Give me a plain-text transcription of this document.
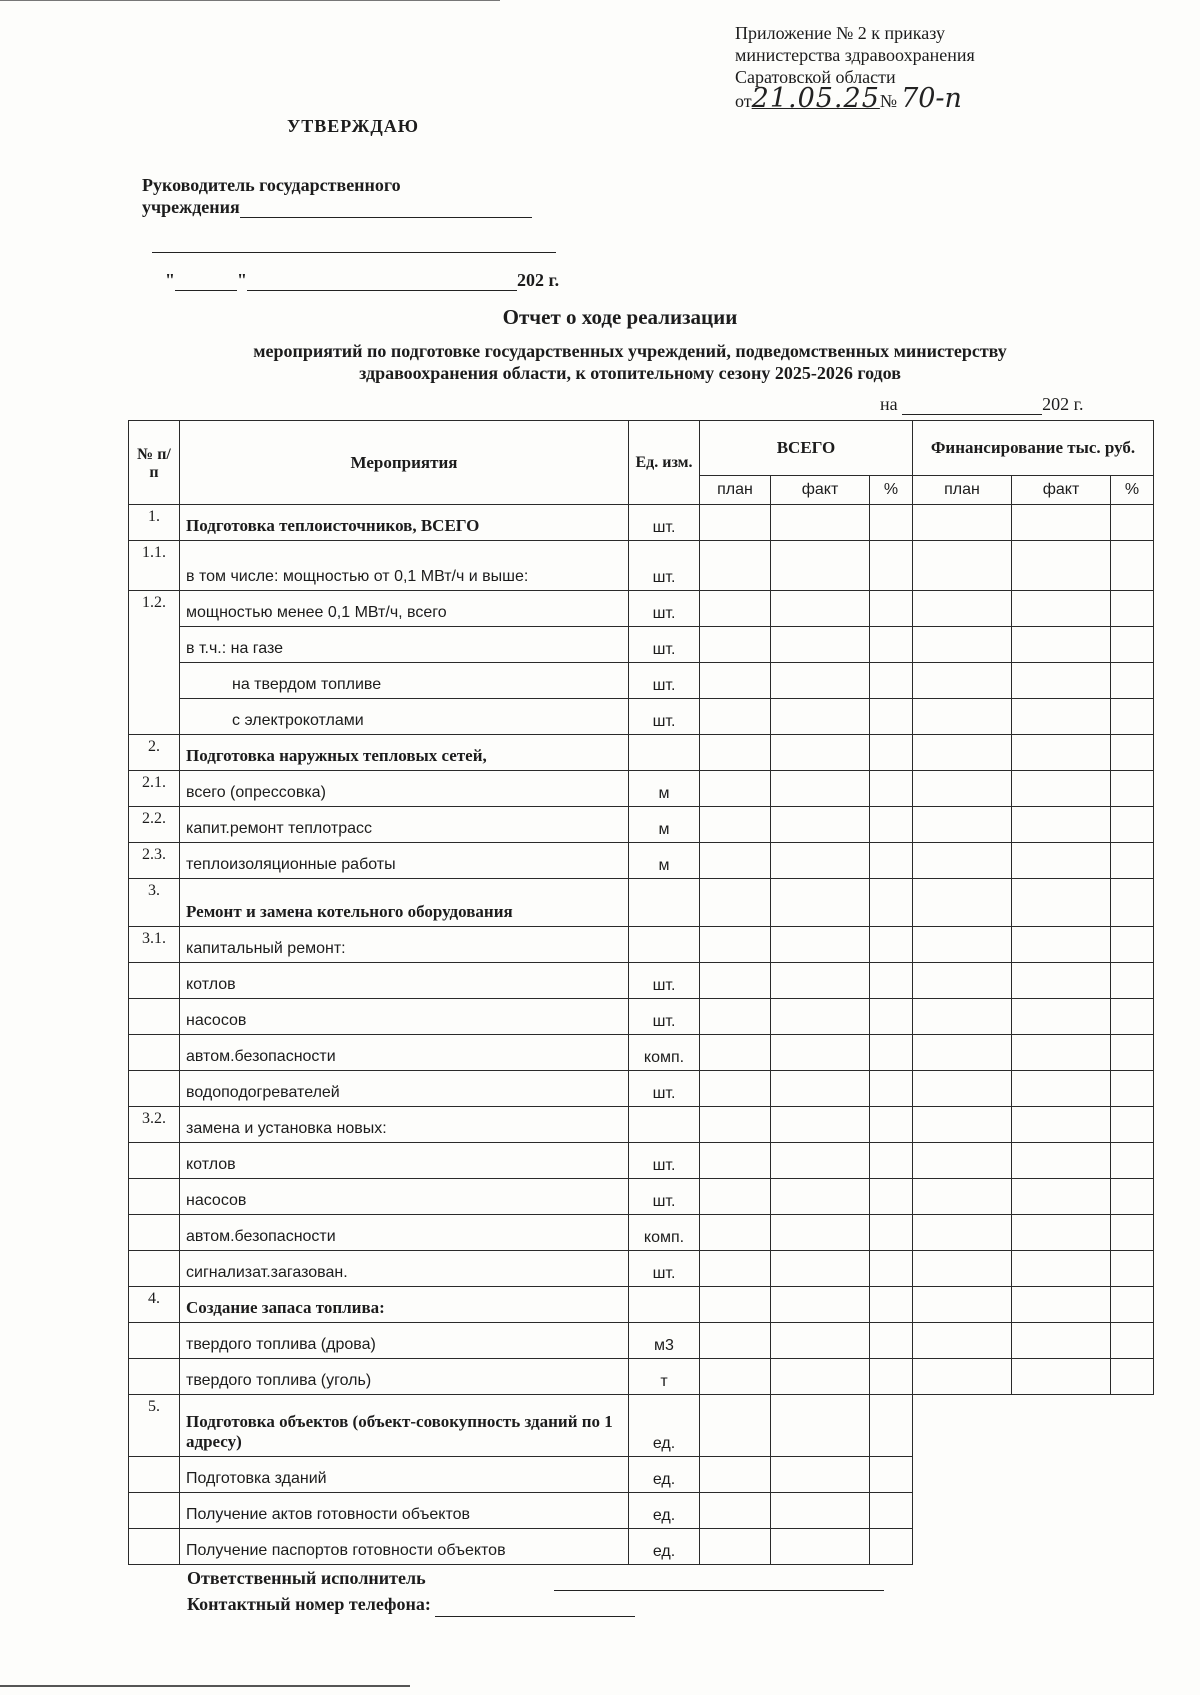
Приложение № 2 к приказу
министерства здравоохранения
Саратовской области
от21.05.25№ 70-п
УТВЕРЖДАЮ
Руководитель государственного
учреждения
"	"	202 г.
Отчет о ходе реализации
мероприятий по подготовке государственных учреждений, подведомственных министерству
здравоохранения области, к отопительному сезону 2025-2026 годов
на	202 г.
№ п/п	Мероприятия	Ед. изм.	ВСЕГО			Финансирование тыс. руб.		
			план	факт	%	план	факт	%
1.	Подготовка теплоисточников, ВСЕГО	шт.						
1.1.	в том числе: мощностью от 0,1 МВт/ч и выше:	шт.						
1.2.	мощностью менее 0,1 МВт/ч, всего	шт.						
	в т.ч.: на газе	шт.						
	на твердом топливе	шт.						
	с электрокотлами	шт.						
2.	Подготовка наружных тепловых сетей,							
2.1.	всего (опрессовка)	м						
2.2.	капит.ремонт теплотрасс	м						
2.3.	теплоизоляционные работы	м						
3.	Ремонт и замена котельного оборудования							
3.1.	капитальный ремонт:							
	котлов	шт.						
	насосов	шт.						
	автом.безопасности	комп.						
	водоподогревателей	шт.						
3.2.	замена и установка новых:							
	котлов	шт.						
	насосов	шт.						
	автом.безопасности	комп.						
	сигнализат.загазован.	шт.						
4.	Создание запаса топлива:							
	твердого топлива (дрова)	м3						
	твердого топлива (уголь)	т						
5.	Подготовка объектов (объект-совокупность зданий по 1 адресу)	ед.						
	Подготовка зданий	ед.						
	Получение актов готовности объектов	ед.						
	Получение паспортов готовности объектов	ед.						
Ответственный исполнитель
Контактный номер телефона:
